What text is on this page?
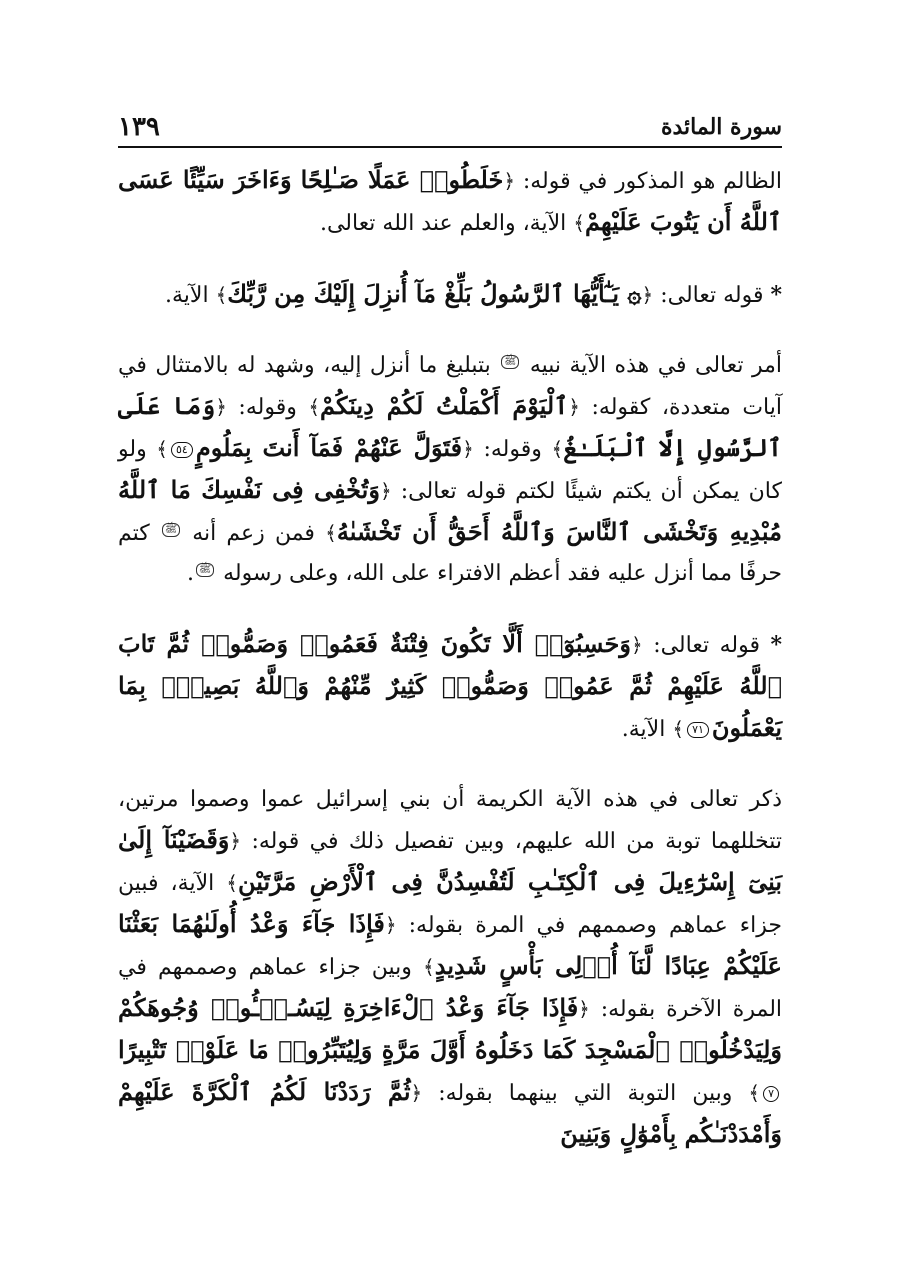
سورة المائدة
١٣٩

الظالم هو المذكور في قوله: ﴿خَلَطُوا۟ عَمَلًا صَـٰلِحًا وَءَاخَرَ سَيِّئًا عَسَى ٱللَّهُ أَن يَتُوبَ عَلَيْهِمْ﴾ الآية، والعلم عند الله تعالى.

* قوله تعالى: ﴿۞ يَـٰٓأَيُّهَا ٱلرَّسُولُ بَلِّغْ مَآ أُنزِلَ إِلَيْكَ مِن رَّبِّكَ﴾ الآية.

أمر تعالى في هذه الآية نبيه ﷺ بتبليغ ما أنزل إليه، وشهد له بالامتثال في آيات متعددة، كقوله: ﴿ٱلْيَوْمَ أَكْمَلْتُ لَكُمْ دِينَكُمْ﴾ وقوله: ﴿وَمَا عَلَى ٱلرَّسُولِ إِلَّا ٱلْبَلَـٰغُ﴾ وقوله: ﴿فَتَوَلَّ عَنْهُمْ فَمَآ أَنتَ بِمَلُومٍ٥٤﴾ ولو كان يمكن أن يكتم شيئًا لكتم قوله تعالى: ﴿وَتُخْفِى فِى نَفْسِكَ مَا ٱللَّهُ مُبْدِيهِ وَتَخْشَى ٱلنَّاسَ وَٱللَّهُ أَحَقُّ أَن تَخْشَىٰهُ﴾ فمن زعم أنه ﷺ كتم حرفًا مما أنزل عليه فقد أعظم الافتراء على الله، وعلى رسوله ﷺ.

* قوله تعالى: ﴿وَحَسِبُوٓا۟ أَلَّا تَكُونَ فِتْنَةٌ فَعَمُوا۟ وَصَمُّوا۟ ثُمَّ تَابَ ٱللَّهُ عَلَيْهِمْ ثُمَّ عَمُوا۟ وَصَمُّوا۟ كَثِيرٌ مِّنْهُمْ وَٱللَّهُ بَصِيرٌۢ بِمَا يَعْمَلُونَ٧١﴾ الآية.

ذكر تعالى في هذه الآية الكريمة أن بني إسرائيل عموا وصموا مرتين، تتخللهما توبة من الله عليهم، وبين تفصيل ذلك في قوله: ﴿وَقَضَيْنَآ إِلَىٰ بَنِىٓ إِسْرَٰٓءِيلَ فِى ٱلْكِتَـٰبِ لَتُفْسِدُنَّ فِى ٱلْأَرْضِ مَرَّتَيْنِ﴾ الآية، فبين جزاء عماهم وصممهم في المرة بقوله: ﴿فَإِذَا جَآءَ وَعْدُ أُولَىٰهُمَا بَعَثْنَا عَلَيْكُمْ عِبَادًا لَّنَآ أُو۟لِى بَأْسٍ شَدِيدٍ﴾ وبين جزاء عماهم وصممهم في المرة الآخرة بقوله: ﴿فَإِذَا جَآءَ وَعْدُ ٱلْءَاخِرَةِ لِيَسُـۥٓـُٔوا۟ وُجُوهَكُمْ وَلِيَدْخُلُوا۟ ٱلْمَسْجِدَ كَمَا دَخَلُوهُ أَوَّلَ مَرَّةٍ وَلِيُتَبِّرُوا۟ مَا عَلَوْا۟ تَتْبِيرًا٧﴾ وبين التوبة التي بينهما بقوله: ﴿ثُمَّ رَدَدْنَا لَكُمُ ٱلْكَرَّةَ عَلَيْهِمْ وَأَمْدَدْنَـٰكُم بِأَمْوَٰلٍ وَبَنِينَ
